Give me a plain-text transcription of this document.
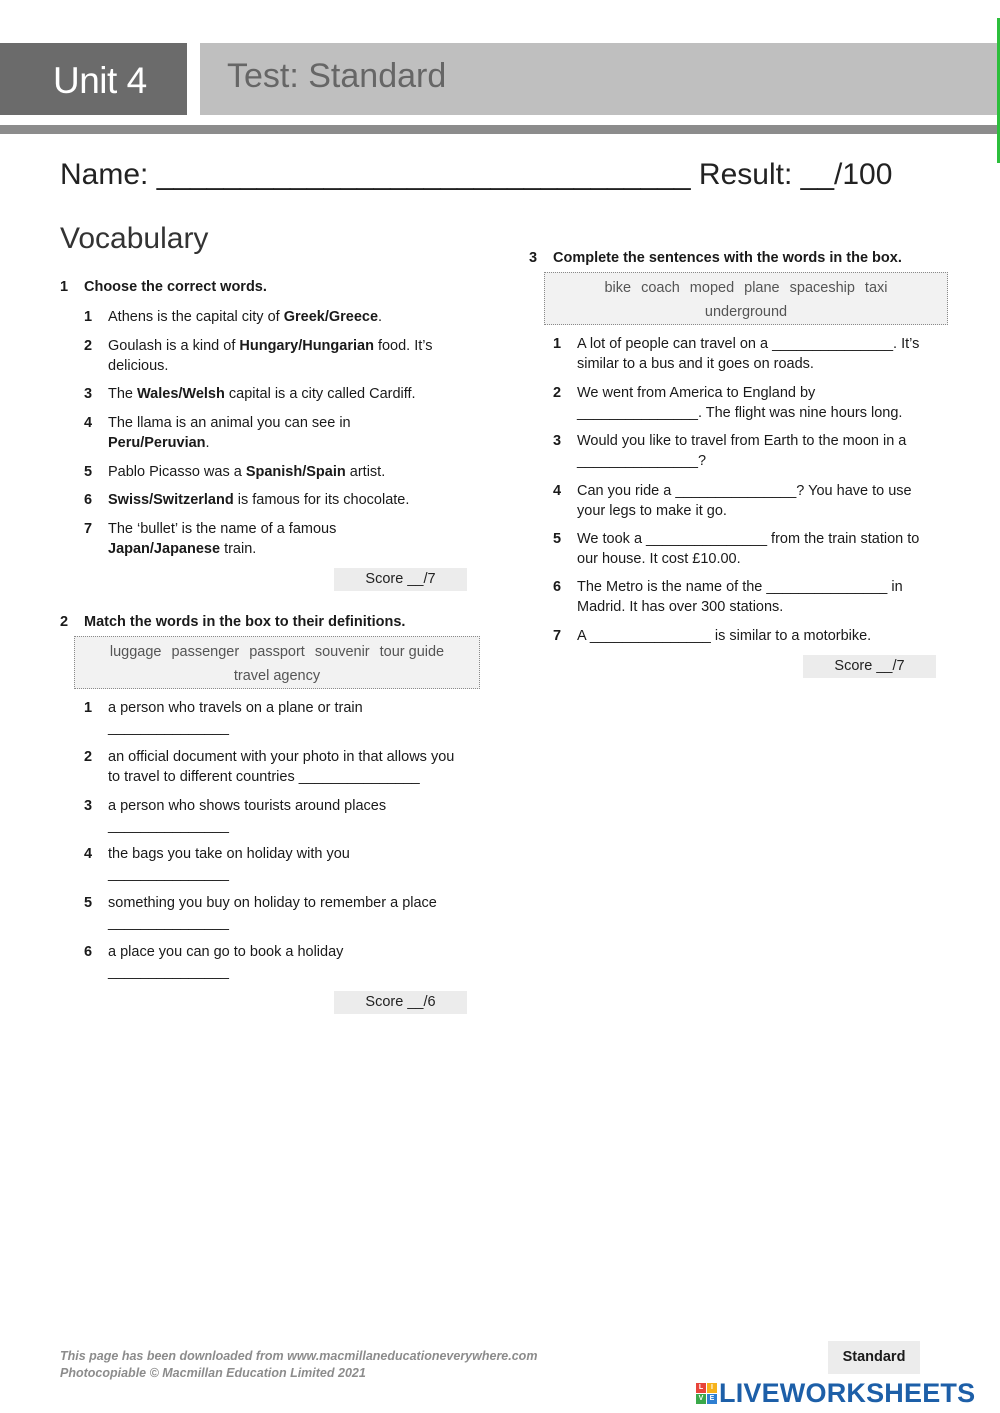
Unit 4 Test: Standard
Name: ________________________________ Result: __/100
Vocabulary
1 Choose the correct words.
1 Athens is the capital city of Greek/Greece.
2 Goulash is a kind of Hungary/Hungarian food. It’s
delicious.
3 The Wales/Welsh capital is a city called Cardiff.
4 The llama is an animal you can see in
Peru/Peruvian.
5 Pablo Picasso was a Spanish/Spain artist.
6 Swiss/Switzerland is famous for its chocolate.
7 The ‘bullet’ is the name of a famous
Japan/Japanese train.
Score __/7
2 Match the words in the box to their definitions.
luggage passenger passport souvenir tour guide
travel agency
1 a person who travels on a plane or train
_______________
2 an official document with your photo in that allows you
to travel to different countries _______________
3 a person who shows tourists around places
_______________
4 the bags you take on holiday with you
_______________
5 something you buy on holiday to remember a place
_______________
6 a place you can go to book a holiday
_______________
Score __/6
3 Complete the sentences with the words in the box.
bike coach moped plane spaceship taxi
underground
1 A lot of people can travel on a _______________. It’s
similar to a bus and it goes on roads.
2 We went from America to England by
_______________. The flight was nine hours long.
3 Would you like to travel from Earth to the moon in a
_______________?
4 Can you ride a _______________? You have to use
your legs to make it go.
5 We took a _______________ from the train station to
our house. It cost £10.00.
6 The Metro is the name of the _______________ in
Madrid. It has over 300 stations.
7 A _______________ is similar to a motorbike.
Score __/7
This page has been downloaded from www.macmillaneducationeverywhere.com
Photocopiable © Macmillan Education Limited 2021
Standard
L	I
V E LIVEWORKSHEETS
